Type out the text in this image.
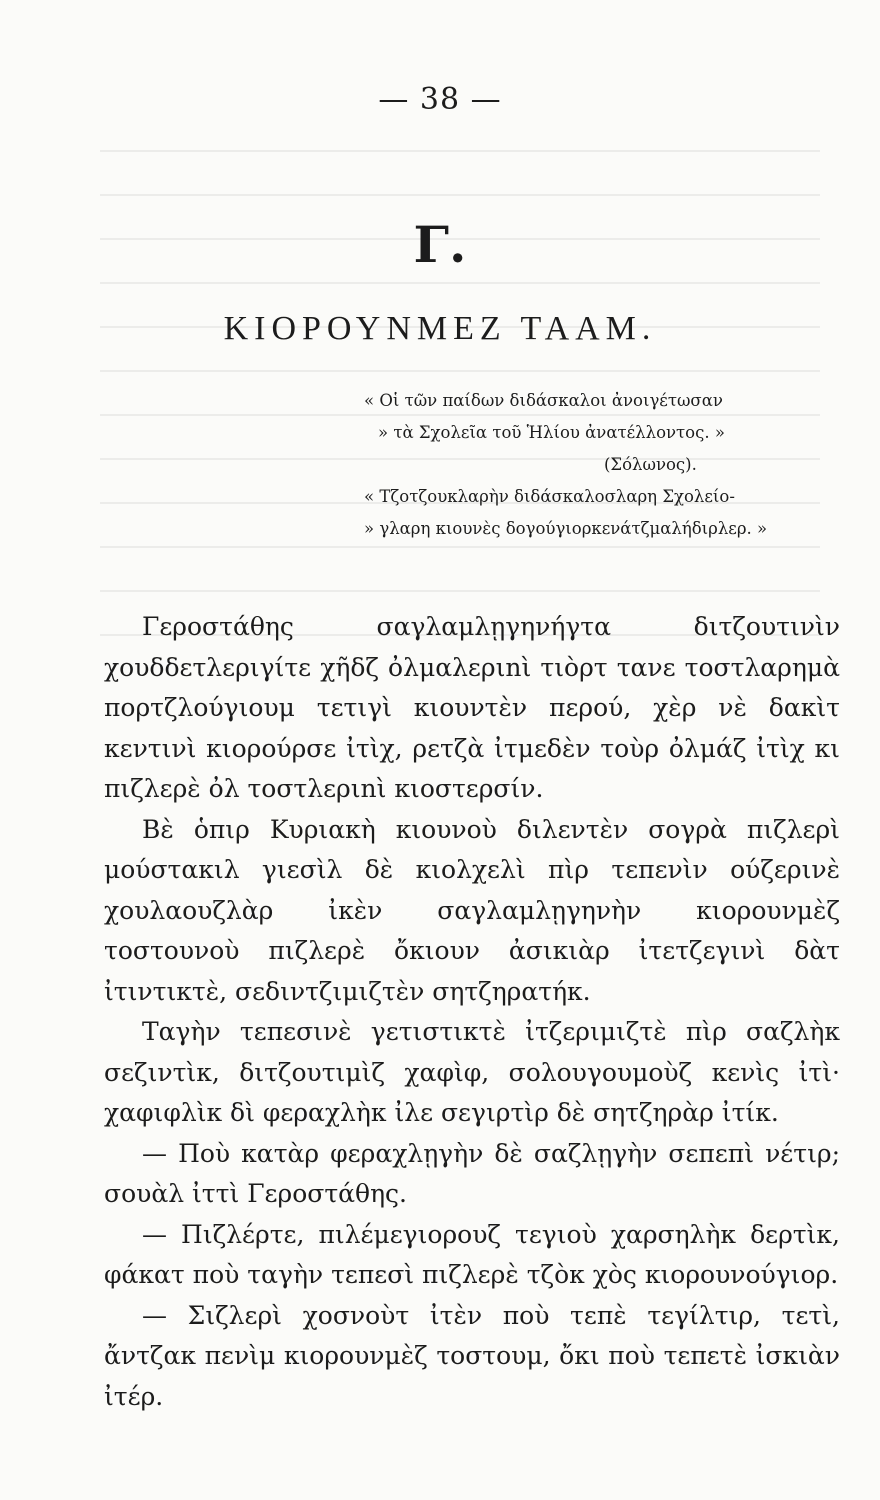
— 38 —
Γ.
ΚΙΟΡΟΥΝΜΕΖ ΤΑΑΜ.
« Οἱ τῶν παίδων διδάσκαλοι ἀνοιγέτωσαν
» τὰ Σχολεῖα τοῦ Ἡλίου ἀνατέλλοντος. »
(Σόλωνος).
« Τζοτζουκλαρὴν διδάσκαλοσλαρη Σχολείο-
» γλαρη κιουνὲς δογούγιορκενάτζμαλήδιρλερ. »

Γεροστάθης σαγλαμλῃγηνήγτα διτζουτινὶν χουδδετλεριγίτε χῆδζ ὀλμαλεριnὶ τιὸρτ τανε τοστλαρημὰ πορτζλούγιουμ τετιγὶ κιουντὲν περού, χὲρ νὲ δακὶτ κεντινὶ κιορούρσε ἰτὶχ, ρετζὰ ἰτμεδὲν τοὺρ ὀλμάζ ἰτὶχ κι πιζλερὲ ὀλ τοστλεριnὶ κιοστερσίν.

Βὲ ὁπιρ Κυριακὴ κιουνοὺ διλεντὲν σογρὰ πιζλερὶ μούστακιλ γιεσὶλ δὲ κιολχελὶ πὶρ τεπενὶν ούζερινὲ χουλαουζλὰρ ἰκὲν σαγλαμλῃγηνὴν κιορουνμὲζ τοστουνοὺ πιζλερὲ ὄκιουν ἀσικιὰρ ἰτετζεγινὶ δὰτ ἰτιντικτὲ, σεδιντζιμιζτὲν σητζηρατήκ.

Ταγὴν τεπεσινὲ γετιστικτὲ ἰτζεριμιζτὲ πὶρ σαζλὴκ σεζιντὶκ, διτζουτιμὶζ χαφὶφ, σολουγουμοὺζ κενὶς ἰτὶ· χαφιφλὶκ δὶ φεραχλὴκ ἰλε σεγιρτὶρ δὲ σητζηρὰρ ἰτίκ.

— Ποὺ κατὰρ φεραχλῃγὴν δὲ σαζλῃγὴν σεπεπὶ νέτιρ; σουὰλ ἰττὶ Γεροστάθης.

— Πιζλέρτε, πιλέμεγιορουζ τεγιοὺ χαρσηλὴκ δερτὶκ, φάκατ ποὺ ταγὴν τεπεσὶ πιζλερὲ τζὸκ χὸς κιορουνούγιορ.

— Σιζλερὶ χοσνοὺτ ἰτὲν ποὺ τεπὲ τεγίλτιρ, τετὶ, ἄντζακ πενὶμ κιορουνμὲζ τοστουμ, ὄκι ποὺ τεπετὲ ἰσκιὰν ἰτέρ.
